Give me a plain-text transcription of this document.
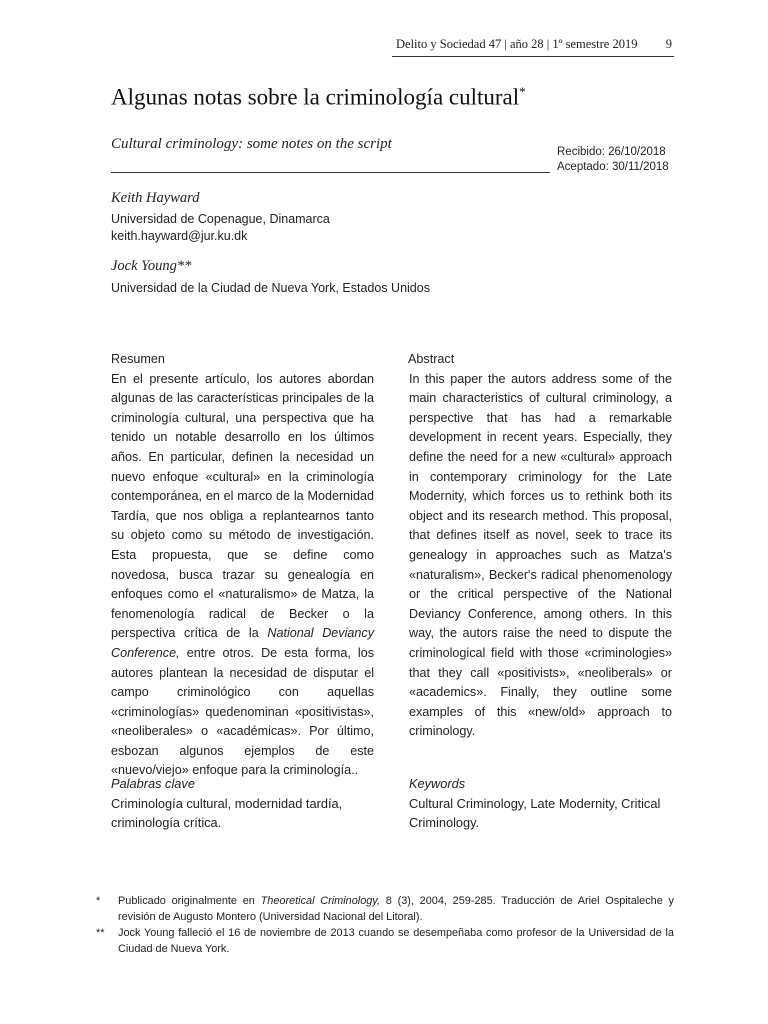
Delito y Sociedad 47 | año 28 | 1º semestre 2019 9
Algunas notas sobre la criminología cultural*
Cultural criminology: some notes on the script	Recibido: 26/10/2018
Aceptado: 30/11/2018
Keith Hayward
Universidad de Copenague, Dinamarca
keith.hayward@jur.ku.dk
Jock Young**
Universidad de la Ciudad de Nueva York, Estados Unidos
Resumen

En el presente artículo, los autores abordan algunas de las características principales de la criminología cultural, una perspectiva que ha tenido un notable desarrollo en los últimos años. En particular, definen la necesidad un nuevo enfoque «cultural» en la criminología contemporánea, en el marco de la Modernidad Tardía, que nos obliga a replantearnos tanto su objeto como su método de investigación. Esta propuesta, que se define como novedosa, busca trazar su genealogía en enfoques como el «naturalismo» de Matza, la fenomenología radical de Becker o la perspectiva crítica de la National Deviancy Conference, entre otros. De esta forma, los autores plantean la necesidad de disputar el campo criminológico con aquellas «criminologías» quedenominan «positivistas», «neoliberales» o «académicas». Por último, esbozan algunos ejemplos de este «nuevo/viejo» enfoque para la criminología..

Abstract

In this paper the autors address some of the main characteristics of cultural criminology, a perspective that has had a remarkable development in recent years. Especially, they define the need for a new «cultural» approach in contemporary criminology for the Late Modernity, which forces us to rethink both its object and its research method. This proposal, that defines itself as novel, seek to trace its genealogy in approaches such as Matza's «naturalism», Becker's radical phenomenology or the critical perspective of the National Deviancy Conference, among others. In this way, the autors raise the need to dispute the criminological field with those «criminologies» that they call «positivists», «neoliberals» or «academics». Finally, they outline some examples of this «new/old» approach to criminology.

Palabras clave
Criminología cultural, modernidad tardía, criminología crítica.
Keywords
Cultural Criminology, Late Modernity, Critical Criminology.
*	Publicado originalmente en Theoretical Criminology, 8 (3), 2004, 259-285. Traducción de Ariel Ospitaleche y revisión de Augusto Montero (Universidad Nacional del Litoral).
**	Jock Young falleció el 16 de noviembre de 2013 cuando se desempeñaba como profesor de la Universidad de la Ciudad de Nueva York.
